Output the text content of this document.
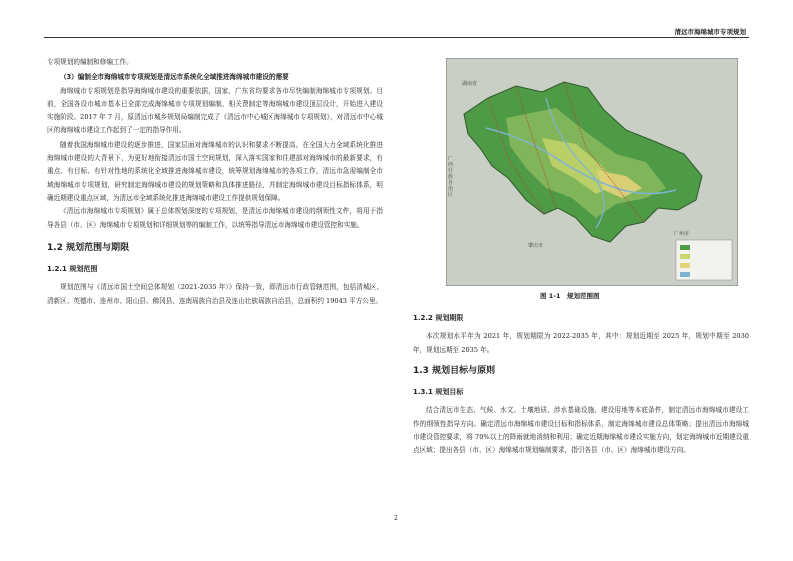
清远市海绵城市专项规划

专项规划的编制和修编工作。

（3）编制全市海绵城市专项规划是清远市系统化全域推进海绵城市建设的需要

海绵城市专项规划是指导海绵城市建设的重要依据，国家、广东省均要求各市尽快编制海绵城市专项规划。目前，全国各设市城市基本已全部完成海绵城市专项规划编制、相关费制定等海绵城市建设顶层设计，开始进入建设实施阶段。2017 年 7 月，原清远市城乡规划局编制完成了《清远市中心城区海绵城市专项规划》，对清远市中心城区的海绵城市建设工作起到了一定的指导作用。

随着我国海绵城市建设的逐步推进，国家层面对海绵城市的认识和要求不断提高。在全国大力全域系统化推进海绵城市建设的大背景下，为更好地衔接清远市国土空间规划，深入落实国家和住建部对海绵城市的最新要求，有重点、有目标、有针对性地的系统化全域推进海绵城市建设，统筹规划海绵城市的各项工作，清远市急需编制全市域海绵城市专项规划，研究制定海绵城市建设的规划策略和具体推进路径，并制定海绵城市建设目标指标体系，明确近期建设重点区域，为清远市全域系统化推进海绵城市建设工作提供规划保障。

《清远市海绵城市专项规划》属于总体规划深度的专项规划，是清远市海绵城市建设的纲领性文件，将用于指导各县（市、区）海绵城市专项规划和详细规划等的编制工作，以统筹指导清远市海绵城市建设管控和实施。

1.2 规划范围与期限

1.2.1 规划范围

规划范围与《清远市国土空间总体规划（2021-2035 年）》保持一致，即清远市行政管辖范围，包括清城区、清新区、英德市、连州市、阳山县、佛冈县、连南瑶族自治县及连山壮族瑶族自治县，总面积约 19043 平方公里。

湖南省
广西壮族自治区
肇庆市
广州市
图 1-1　规划范围图

1.2.2 规划期限

本次规划水平年为 2021 年，规划期限为 2022-2035 年，其中：规划近期至 2025 年，规划中期至 2030 年，规划远期至 2035 年。

1.3 规划目标与原则

1.3.1 规划目标

结合清远市生态、气候、水文、土壤地质、涉水基础设施、建设用地等本底条件，制定清远市海绵城市建设工作的纲领性指导方向。确定清远市海绵城市建设目标和指标体系，制定海绵城市建设总体策略；提出清远市海绵城市建设管控要求，将 70%以上的降雨就地消纳和利用；确定近期海绵城市建设实施方向，划定海绵城市近期建设重点区域；提出各县（市、区）海绵城市规划编制要求，指引各县（市、区）海绵城市建设方向。

2
